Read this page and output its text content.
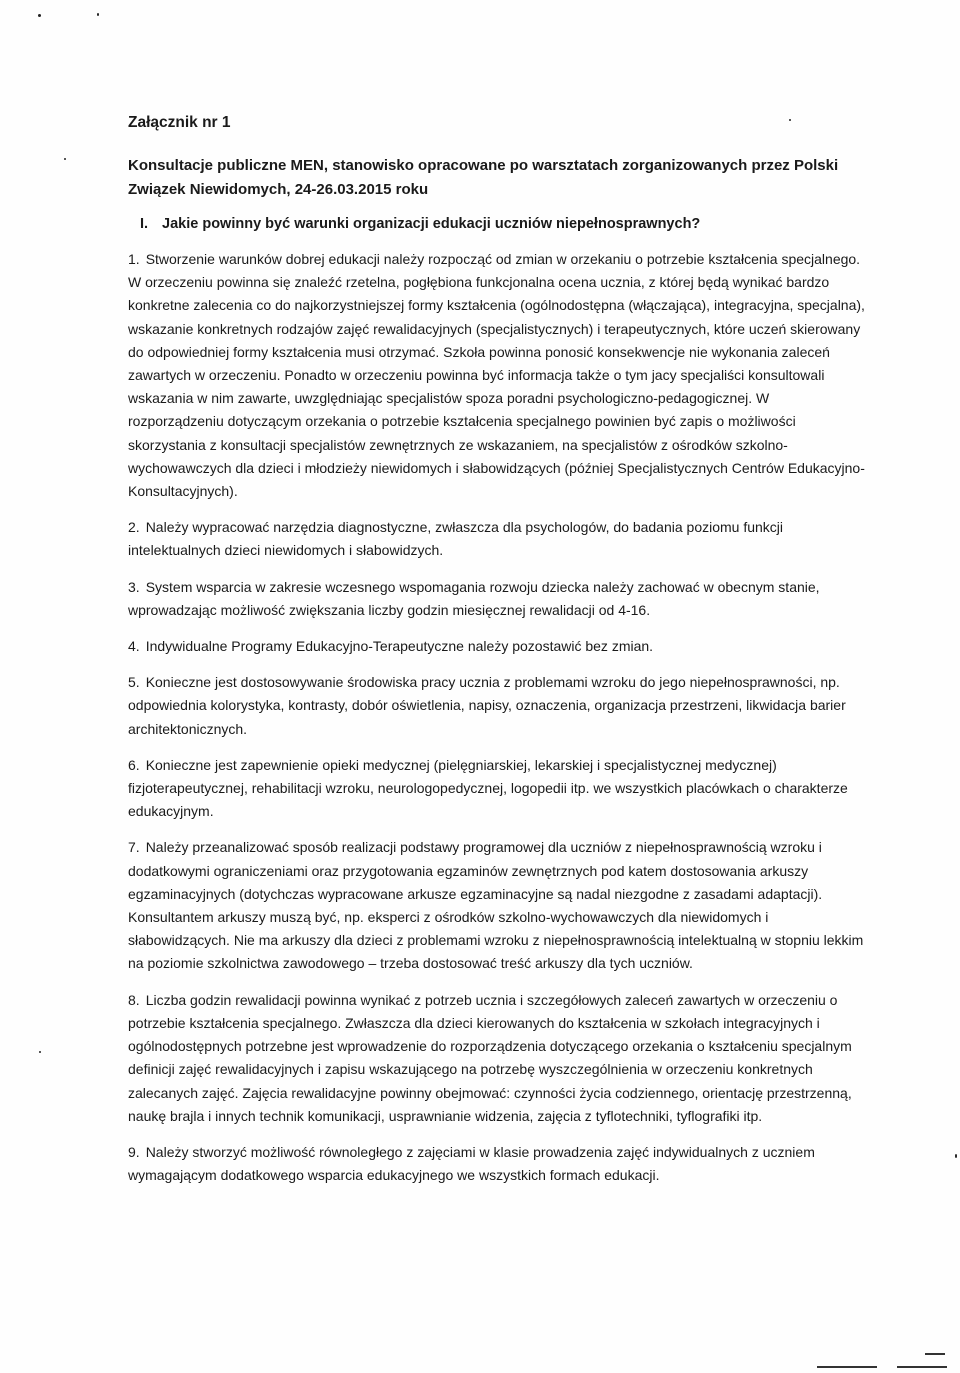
Załącznik nr 1
Konsultacje publiczne MEN, stanowisko opracowane po warsztatach zorganizowanych przez Polski Związek Niewidomych, 24-26.03.2015 roku
I. Jakie powinny być warunki organizacji edukacji uczniów niepełnosprawnych?
1. Stworzenie warunków dobrej edukacji należy rozpocząć od zmian w orzekaniu o potrzebie kształcenia specjalnego. W orzeczeniu powinna się znaleźć rzetelna, pogłębiona funkcjonalna ocena ucznia, z której będą wynikać bardzo konkretne zalecenia co do najkorzystniejszej formy kształcenia (ogólnodostępna (włączająca), integracyjna, specjalna), wskazanie konkretnych rodzajów zajęć rewalidacyjnych (specjalistycznych) i terapeutycznych, które uczeń skierowany do odpowiedniej formy kształcenia musi otrzymać. Szkoła powinna ponosić konsekwencje nie wykonania zaleceń zawartych w orzeczeniu. Ponadto w orzeczeniu powinna być informacja także o tym jacy specjaliści konsultowali wskazania w nim zawarte, uwzględniając specjalistów spoza poradni psychologiczno-pedagogicznej. W rozporządzeniu dotyczącym orzekania o potrzebie kształcenia specjalnego powinien być zapis o możliwości skorzystania z konsultacji specjalistów zewnętrznych ze wskazaniem, na specjalistów z ośrodków szkolno-wychowawczych dla dzieci i młodzieży niewidomych i słabowidzących (później Specjalistycznych Centrów Edukacyjno-Konsultacyjnych).
2. Należy wypracować narzędzia diagnostyczne, zwłaszcza dla psychologów, do badania poziomu funkcji intelektualnych dzieci niewidomych i słabowidzych.
3. System wsparcia w zakresie wczesnego wspomagania rozwoju dziecka należy zachować w obecnym stanie, wprowadzając możliwość zwiększania liczby godzin miesięcznej rewalidacji od 4-16.
4. Indywidualne Programy Edukacyjno-Terapeutyczne należy pozostawić bez zmian.
5. Konieczne jest dostosowywanie środowiska pracy ucznia z problemami wzroku do jego niepełnosprawności, np. odpowiednia kolorystyka, kontrasty, dobór oświetlenia, napisy, oznaczenia, organizacja przestrzeni, likwidacja barier architektonicznych.
6. Konieczne jest zapewnienie opieki medycznej (pielęgniarskiej, lekarskiej i specjalistycznej medycznej) fizjoterapeutycznej, rehabilitacji wzroku, neurologopedycznej, logopedii itp. we wszystkich placówkach o charakterze edukacyjnym.
7. Należy przeanalizować sposób realizacji podstawy programowej dla uczniów z niepełnosprawnością wzroku i dodatkowymi ograniczeniami oraz przygotowania egzaminów zewnętrznych pod katem dostosowania arkuszy egzaminacyjnych (dotychczas wypracowane arkusze egzaminacyjne są nadal niezgodne z zasadami adaptacji). Konsultantem arkuszy muszą być, np. eksperci z ośrodków szkolno-wychowawczych dla niewidomych i słabowidzących. Nie ma arkuszy dla dzieci z problemami wzroku z niepełnosprawnością intelektualną w stopniu lekkim na poziomie szkolnictwa zawodowego – trzeba dostosować treść arkuszy dla tych uczniów.
8. Liczba godzin rewalidacji powinna wynikać z potrzeb ucznia i szczegółowych zaleceń zawartych w orzeczeniu o potrzebie kształcenia specjalnego. Zwłaszcza dla dzieci kierowanych do kształcenia w szkołach integracyjnych i ogólnodostępnych potrzebne jest wprowadzenie do rozporządzenia dotyczącego orzekania o kształceniu specjalnym definicji zajęć rewalidacyjnych i zapisu wskazującego na potrzebę wyszczególnienia w orzeczeniu konkretnych zalecanych zajęć. Zajęcia rewalidacyjne powinny obejmować: czynności życia codziennego, orientację przestrzenną, naukę brajla i innych technik komunikacji, usprawnianie widzenia, zajęcia z tyflotechniki, tyflografiki itp.
9. Należy stworzyć możliwość równoległego z zajęciami w klasie prowadzenia zajęć indywidualnych z uczniem wymagającym dodatkowego wsparcia edukacyjnego we wszystkich formach edukacji.
